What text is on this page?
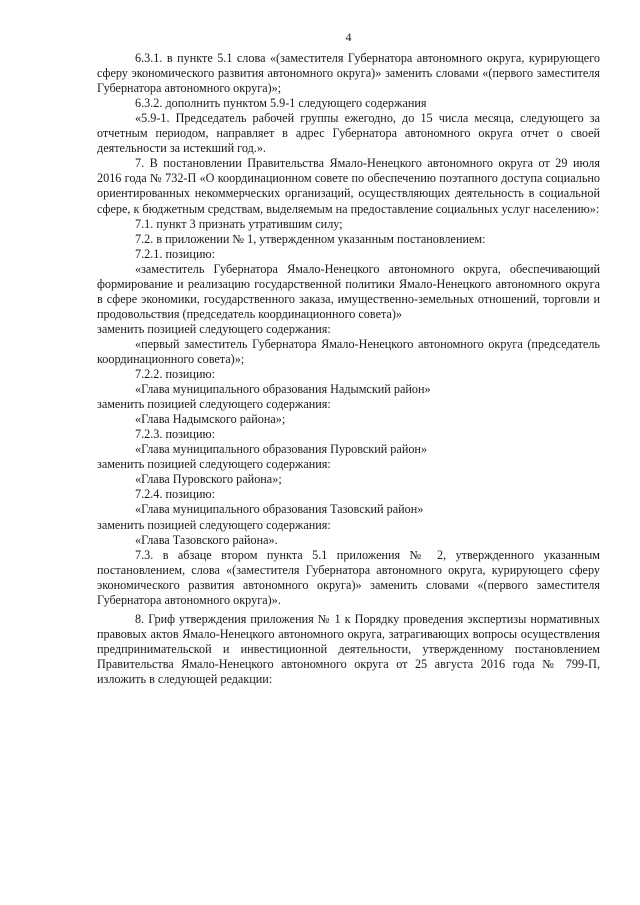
4

6.3.1. в пункте 5.1 слова «(заместителя Губернатора автономного округа, курирующего сферу экономического развития автономного округа)» заменить словами «(первого заместителя Губернатора автономного округа)»;

6.3.2. дополнить пунктом 5.9-1 следующего содержания

«5.9-1. Председатель рабочей группы ежегодно, до 15 числа месяца, следующего за отчетным периодом, направляет в адрес Губернатора автономного округа отчет о своей деятельности за истекший год.».

7. В постановлении Правительства Ямало-Ненецкого автономного округа от 29 июля 2016 года № 732-П «О координационном совете по обеспечению поэтапного доступа социально ориентированных некоммерческих организаций, осуществляющих деятельность в социальной сфере, к бюджетным средствам, выделяемым на предоставление социальных услуг населению»:

7.1. пункт 3 признать утратившим силу;

7.2. в приложении № 1, утвержденном указанным постановлением:

7.2.1. позицию:

«заместитель Губернатора Ямало-Ненецкого автономного округа, обеспечивающий формирование и реализацию государственной политики Ямало-Ненецкого автономного округа в сфере экономики, государственного заказа, имущественно-земельных отношений, торговли и продовольствия (председатель координационного совета)»

заменить позицией следующего содержания:

«первый заместитель Губернатора Ямало-Ненецкого автономного округа (председатель координационного совета)»;

7.2.2. позицию:

«Глава муниципального образования Надымский район»

заменить позицией следующего содержания:

«Глава Надымского района»;

7.2.3. позицию:

«Глава муниципального образования Пуровский район»

заменить позицией следующего содержания:

«Глава Пуровского района»;

7.2.4. позицию:

«Глава муниципального образования Тазовский район»

заменить позицией следующего содержания:

«Глава Тазовского района».

7.3. в абзаце втором пункта 5.1 приложения № 2, утвержденного указанным постановлением, слова «(заместителя Губернатора автономного округа, курирующего сферу экономического развития автономного округа)» заменить словами «(первого заместителя Губернатора автономного округа)».

8. Гриф утверждения приложения № 1 к Порядку проведения экспертизы нормативных правовых актов Ямало-Ненецкого автономного округа, затрагивающих вопросы осуществления предпринимательской и инвестиционной деятельности, утвержденному постановлением Правительства Ямало-Ненецкого автономного округа от 25 августа 2016 года № 799-П, изложить в следующей редакции:
